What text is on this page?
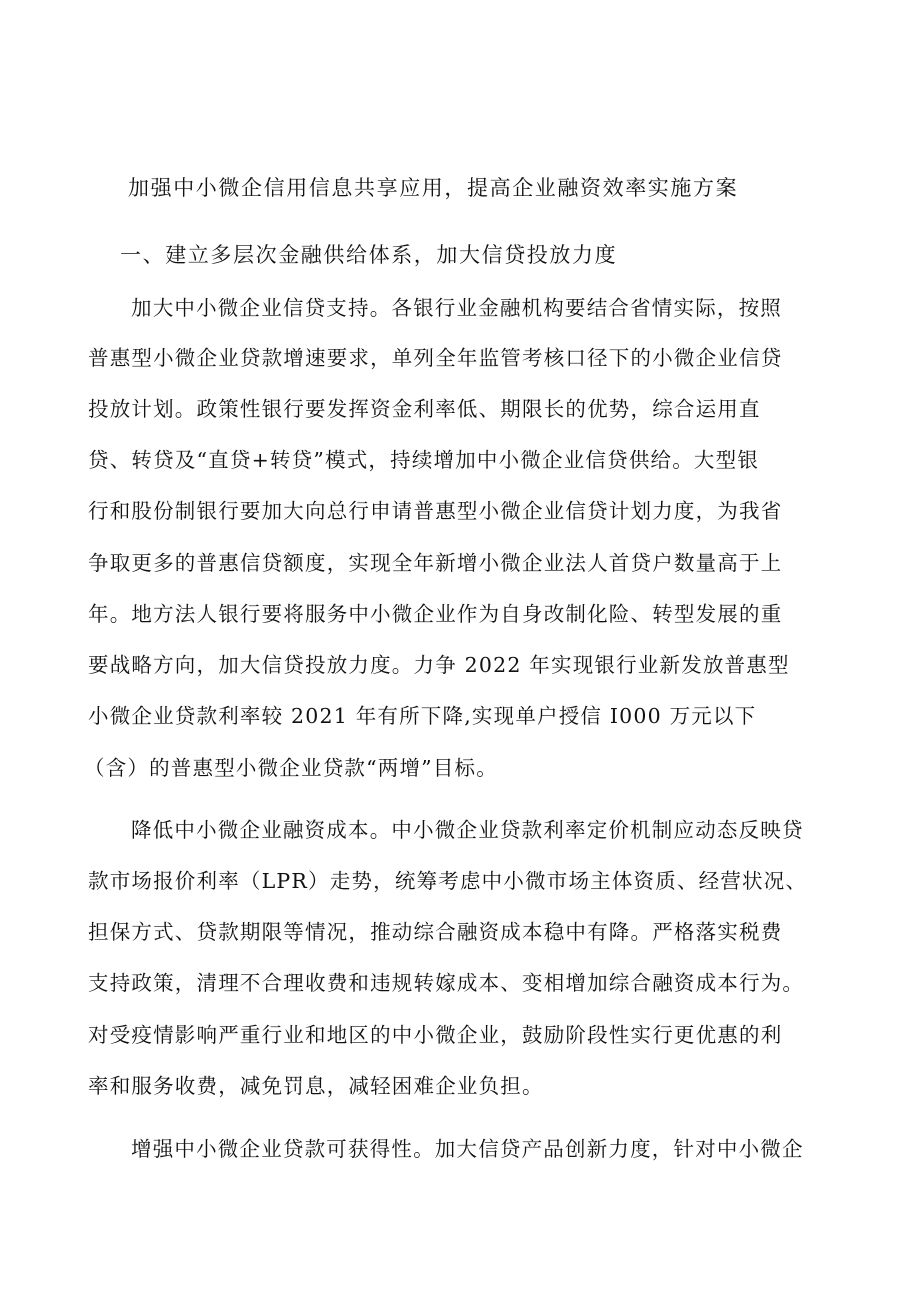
加强中小微企信用信息共享应用，提高企业融资效率实施方案
一、建立多层次金融供给体系，加大信贷投放力度
加大中小微企业信贷支持。各银行业金融机构要结合省情实际，按照
普惠型小微企业贷款增速要求，单列全年监管考核口径下的小微企业信贷
投放计划。政策性银行要发挥资金利率低、期限长的优势，综合运用直
贷、转贷及“直贷+转贷”模式，持续增加中小微企业信贷供给。大型银
行和股份制银行要加大向总行申请普惠型小微企业信贷计划力度，为我省
争取更多的普惠信贷额度，实现全年新增小微企业法人首贷户数量高于上
年。地方法人银行要将服务中小微企业作为自身改制化险、转型发展的重
要战略方向，加大信贷投放力度。力争 2022 年实现银行业新发放普惠型
小微企业贷款利率较 2021 年有所下降,实现单户授信 I000 万元以下
（含）的普惠型小微企业贷款“两增”目标。
降低中小微企业融资成本。中小微企业贷款利率定价机制应动态反映贷
款市场报价利率（LPR）走势，统筹考虑中小微市场主体资质、经营状况、
担保方式、贷款期限等情况，推动综合融资成本稳中有降。严格落实税费
支持政策，清理不合理收费和违规转嫁成本、变相增加综合融资成本行为。
对受疫情影响严重行业和地区的中小微企业，鼓励阶段性实行更优惠的利
率和服务收费，减免罚息，减轻困难企业负担。
增强中小微企业贷款可获得性。加大信贷产品创新力度，针对中小微企
